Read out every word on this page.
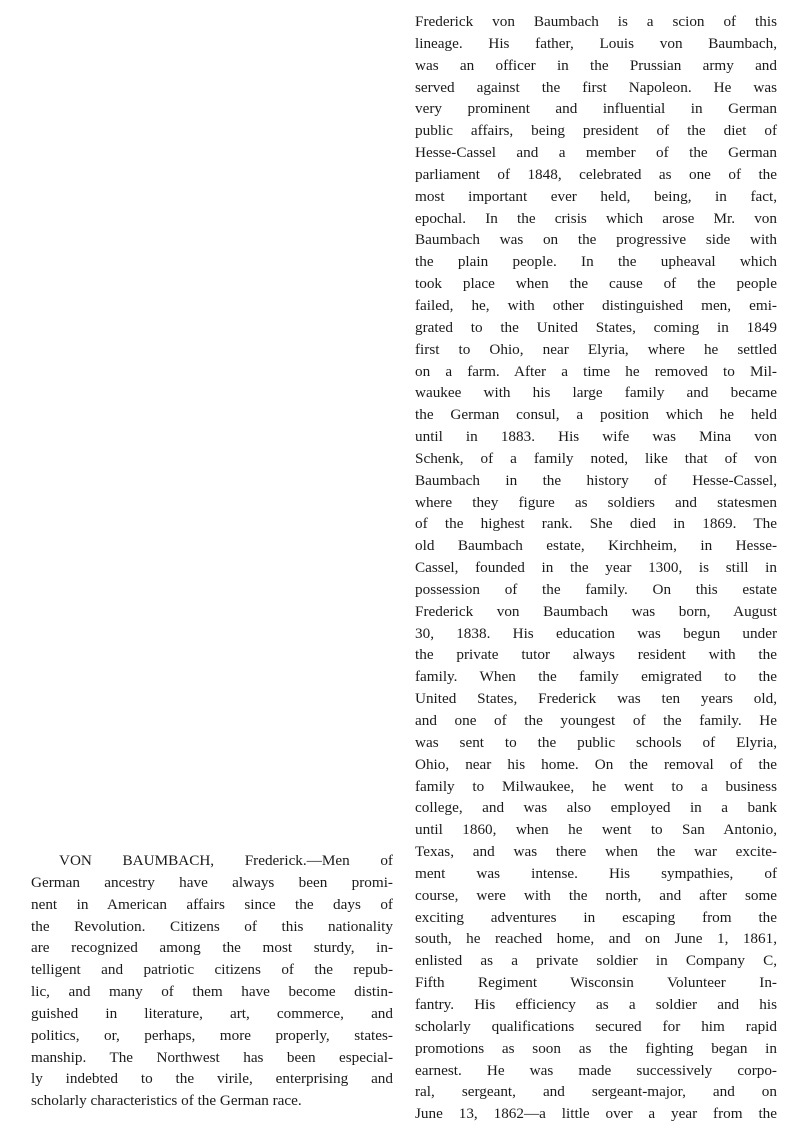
VON BAUMBACH, Frederick.—Men of
German ancestry have always been promi-
nent in American affairs since the days of
the Revolution. Citizens of this nationality
are recognized among the most sturdy, in-
telligent and patriotic citizens of the repub-
lic, and many of them have become distin-
guished in literature, art, commerce, and
politics, or, perhaps, more properly, states-
manship. The Northwest has been especial-
ly indebted to the virile, enterprising and
scholarly characteristics of the German race.
Frederick von Baumbach is a scion of this
lineage. His father, Louis von Baumbach,
was an officer in the Prussian army and
served against the first Napoleon. He was
very prominent and influential in German
public affairs, being president of the diet of
Hesse-Cassel and a member of the German
parliament of 1848, celebrated as one of the
most important ever held, being, in fact,
epochal. In the crisis which arose Mr. von
Baumbach was on the progressive side with
the plain people. In the upheaval which
took place when the cause of the people
failed, he, with other distinguished men, emi-
grated to the United States, coming in 1849
first to Ohio, near Elyria, where he settled
on a farm. After a time he removed to Mil-
waukee with his large family and became
the German consul, a position which he held
until in 1883. His wife was Mina von
Schenk, of a family noted, like that of von
Baumbach in the history of Hesse-Cassel,
where they figure as soldiers and statesmen
of the highest rank. She died in 1869. The
old Baumbach estate, Kirchheim, in Hesse-
Cassel, founded in the year 1300, is still in
possession of the family. On this estate
Frederick von Baumbach was born, August
30, 1838. His education was begun under
the private tutor always resident with the
family. When the family emigrated to the
United States, Frederick was ten years old,
and one of the youngest of the family. He
was sent to the public schools of Elyria,
Ohio, near his home. On the removal of the
family to Milwaukee, he went to a business
college, and was also employed in a bank
until 1860, when he went to San Antonio,
Texas, and was there when the war excite-
ment was intense. His sympathies, of
course, were with the north, and after some
exciting adventures in escaping from the
south, he reached home, and on June 1, 1861,
enlisted as a private soldier in Company C,
Fifth Regiment Wisconsin Volunteer In-
fantry. His efficiency as a soldier and his
scholarly qualifications secured for him rapid
promotions as soon as the fighting began in
earnest. He was made successively corpo-
ral, sergeant, and sergeant-major, and on
June 13, 1862—a little over a year from the
